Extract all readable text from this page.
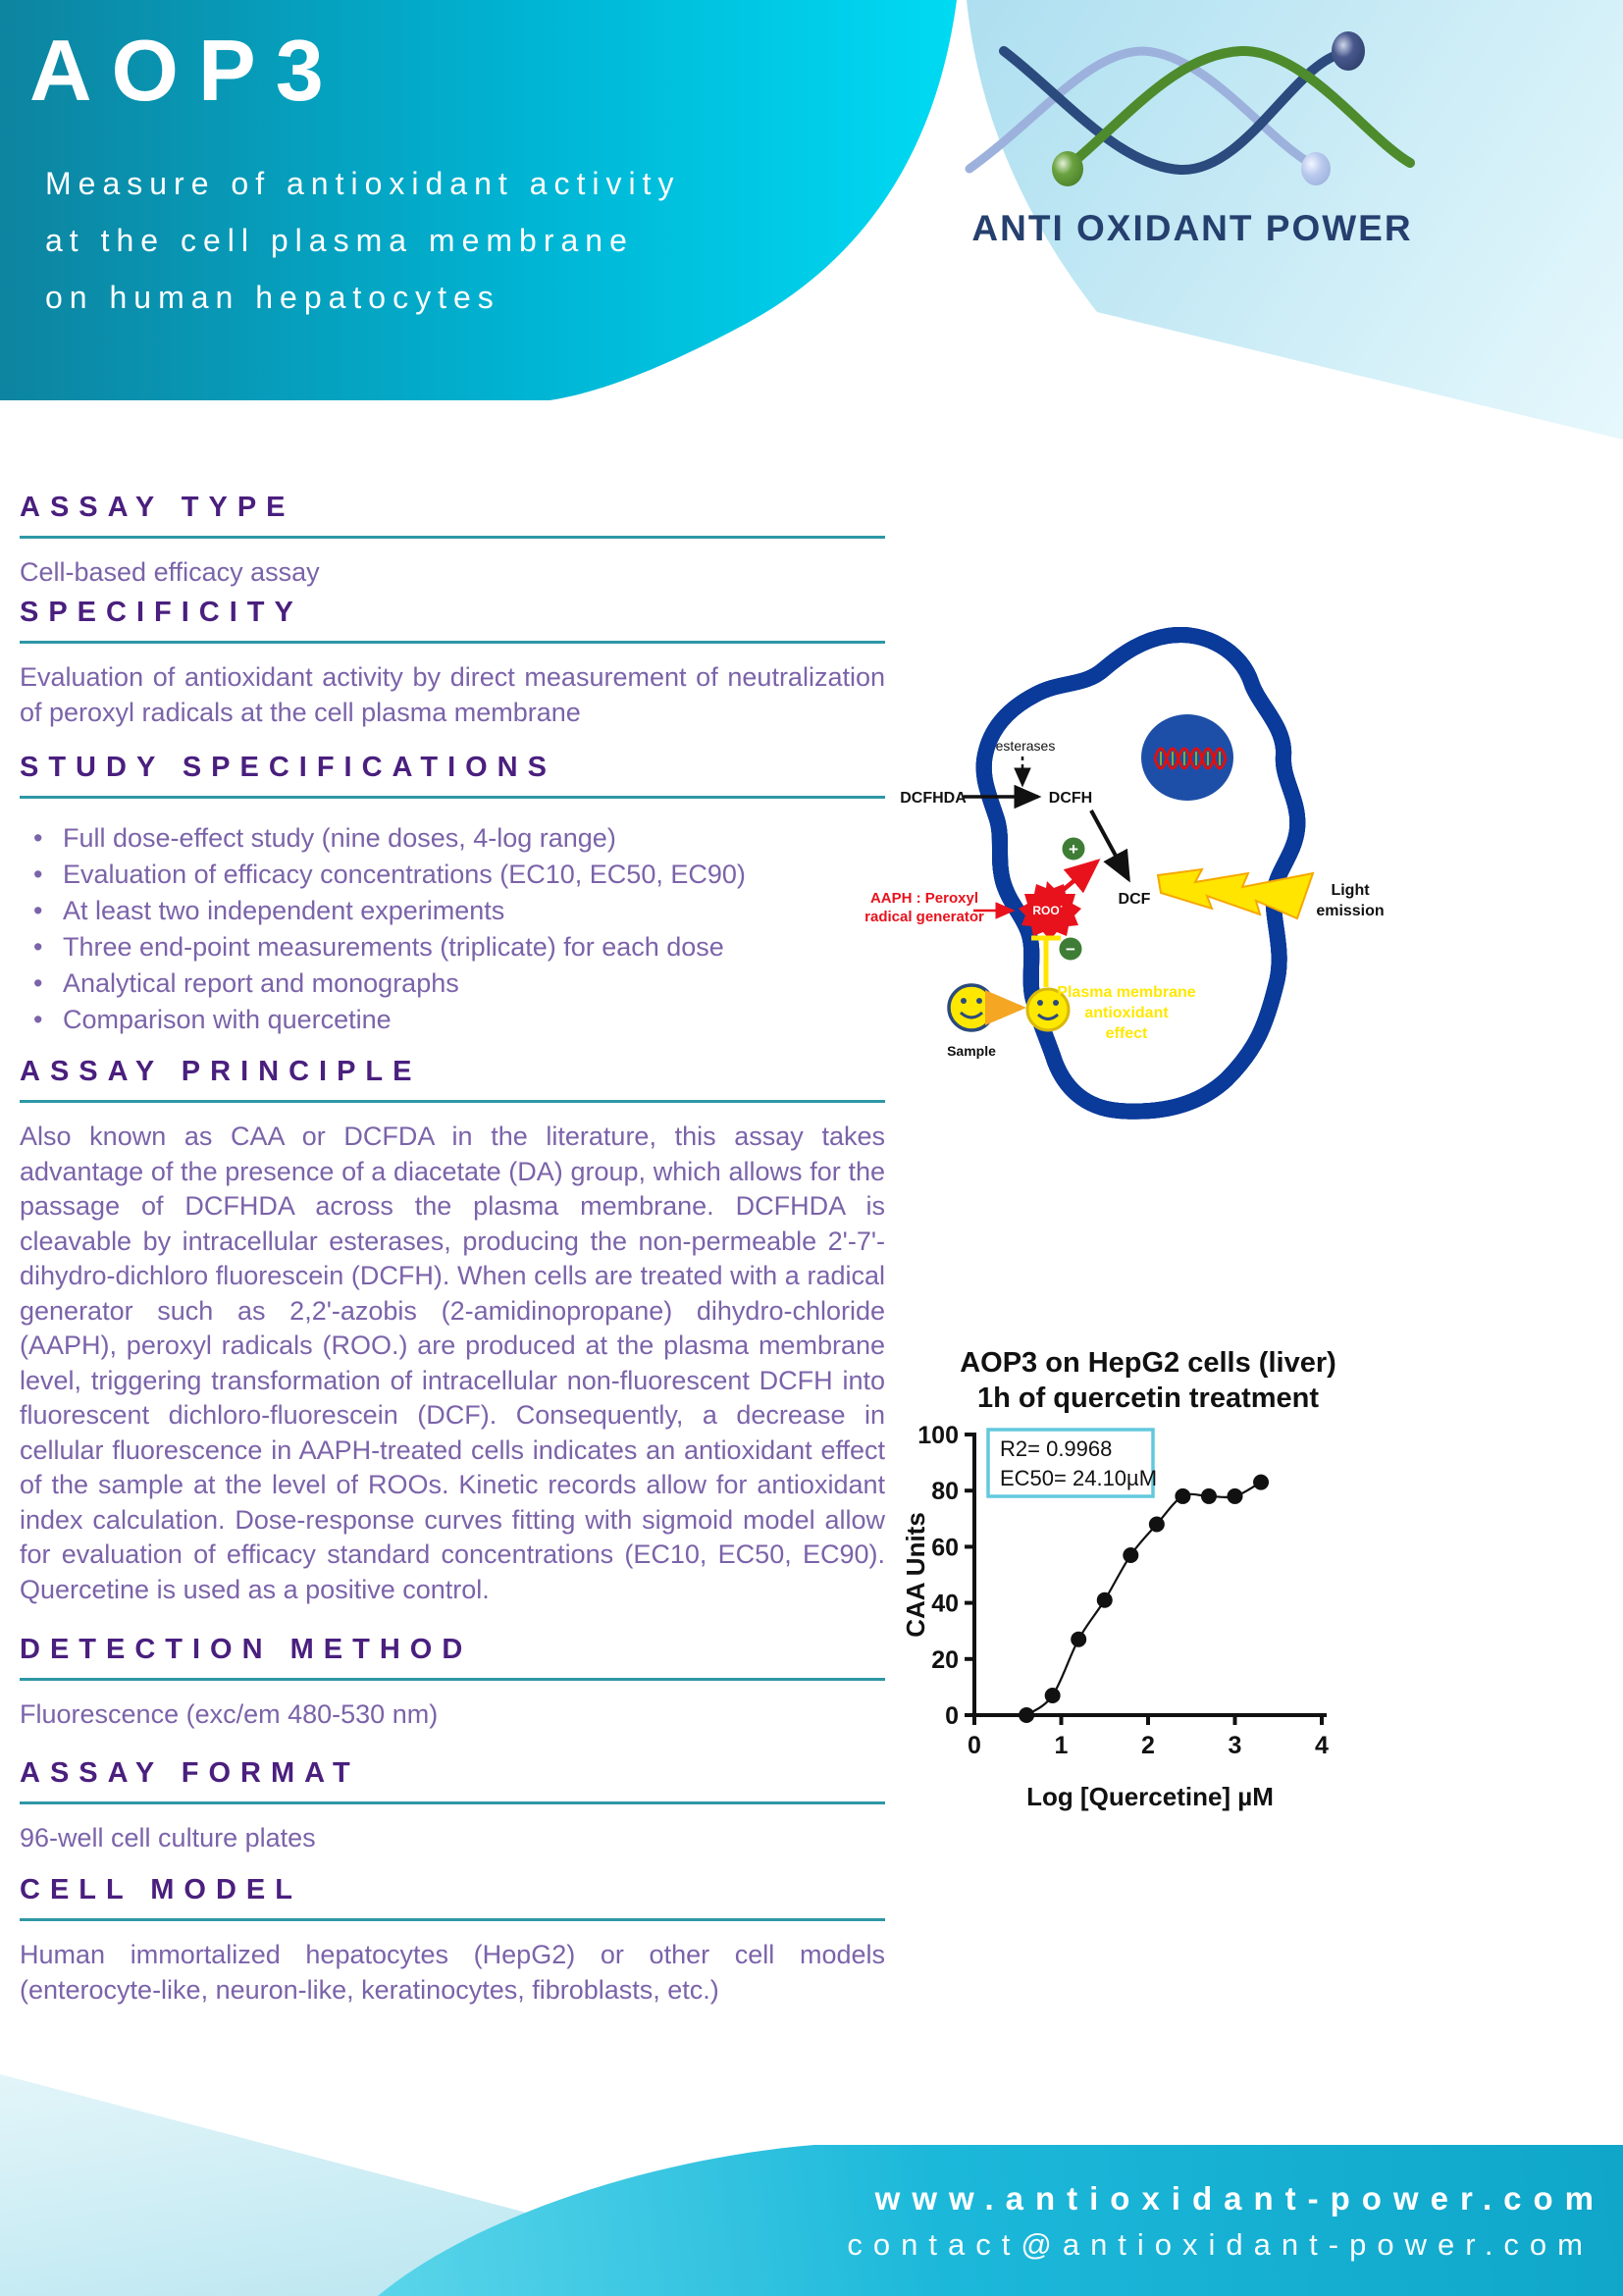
ANTI OXIDANT POWER
AOP3
Measure of antioxidant activity
at the cell plasma membrane
on human hepatocytes
ASSAY TYPE
Cell-based efficacy assay
SPECIFICITY
Evaluation of antioxidant activity by direct measurement of neutralization of peroxyl radicals at the cell plasma membrane
STUDY SPECIFICATIONS
• Full dose-effect study (nine doses, 4-log range)
• Evaluation of efficacy concentrations (EC10, EC50, EC90)
• At least two independent experiments
• Three end-point measurements (triplicate) for each dose
• Analytical report and monographs
• Comparison with quercetine
ASSAY PRINCIPLE
Also known as CAA or DCFDA in the literature, this assay takes advantage of the presence of a diacetate (DA) group, which allows for the passage of DCFHDA across the plasma membrane. DCFHDA is cleavable by intracellular esterases, producing the non-permeable 2'-7'-dihydro-dichloro fluorescein (DCFH). When cells are treated with a radical generator such as 2,2'-azobis (2-amidinopropane) dihydro-chloride (AAPH), peroxyl radicals (ROO.) are produced at the plasma membrane level, triggering transformation of intracellular non-fluorescent DCFH into fluorescent dichloro-fluorescein (DCF). Consequently, a decrease in cellular fluorescence in AAPH-treated cells indicates an antioxidant effect of the sample at the level of ROOs. Kinetic records allow for antioxidant index calculation. Dose-response curves fitting with sigmoid model allow for evaluation of efficacy standard concentrations (EC10, EC50, EC90). Quercetine is used as a positive control.
DETECTION METHOD
Fluorescence (exc/em 480-530 nm)
ASSAY FORMAT
96-well cell culture plates
CELL MODEL
Human immortalized hepatocytes (HepG2) or other cell models (enterocyte-like, neuron-like, keratinocytes, fibroblasts, etc.)
esterases
DCFHDA	DCFH
DCF
+
−
ROO˙
AAPH : Peroxyl
radical generator
Sample
Plasma membrane
antioxidant
effect
Light
emission
AOP3 on HepG2 cells (liver)
1h of quercetin treatment
0	1	2	3	4
0
20
40
60
80
100 R2= 0.9968
EC50= 24.10µM
CAA Units
Log [Quercetine] µM
www.antioxidant-power.com
contact@antioxidant-power.com
